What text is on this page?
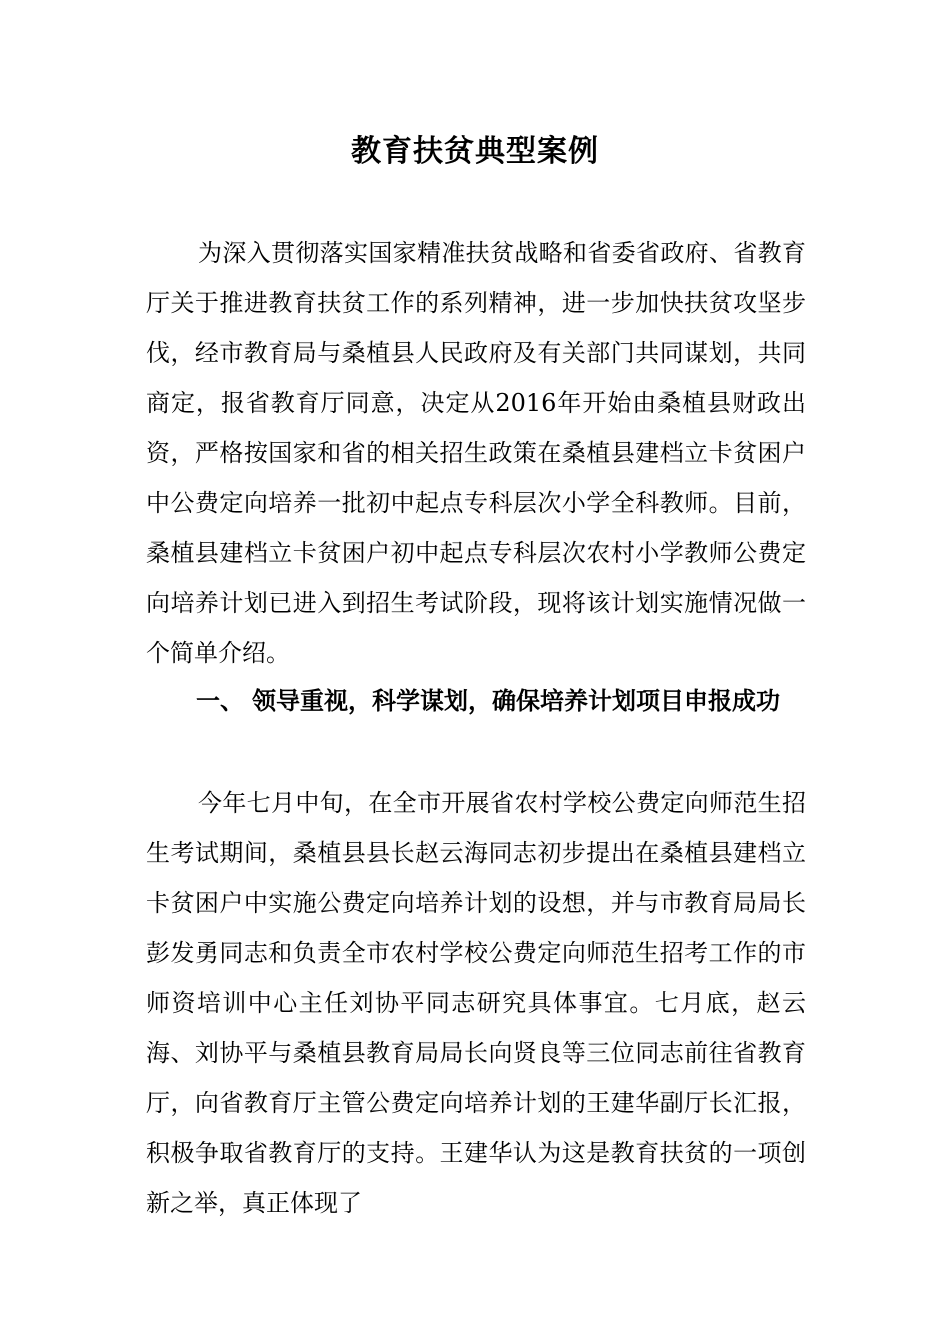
教育扶贫典型案例

为深入贯彻落实国家精准扶贫战略和省委省政府、省教育厅关于推进教育扶贫工作的系列精神，进一步加快扶贫攻坚步伐，经市教育局与桑植县人民政府及有关部门共同谋划，共同商定，报省教育厅同意，决定从2016年开始由桑植县财政出资，严格按国家和省的相关招生政策在桑植县建档立卡贫困户中公费定向培养一批初中起点专科层次小学全科教师。目前，桑植县建档立卡贫困户初中起点专科层次农村小学教师公费定向培养计划已进入到招生考试阶段，现将该计划实施情况做一个简单介绍。

一、 领导重视，科学谋划，确保培养计划项目申报成功

今年七月中旬，在全市开展省农村学校公费定向师范生招生考试期间，桑植县县长赵云海同志初步提出在桑植县建档立卡贫困户中实施公费定向培养计划的设想，并与市教育局局长彭发勇同志和负责全市农村学校公费定向师范生招考工作的市师资培训中心主任刘协平同志研究具体事宜。七月底，赵云海、刘协平与桑植县教育局局长向贤良等三位同志前往省教育厅，向省教育厅主管公费定向培养计划的王建华副厅长汇报，积极争取省教育厅的支持。王建华认为这是教育扶贫的一项创新之举，真正体现了
